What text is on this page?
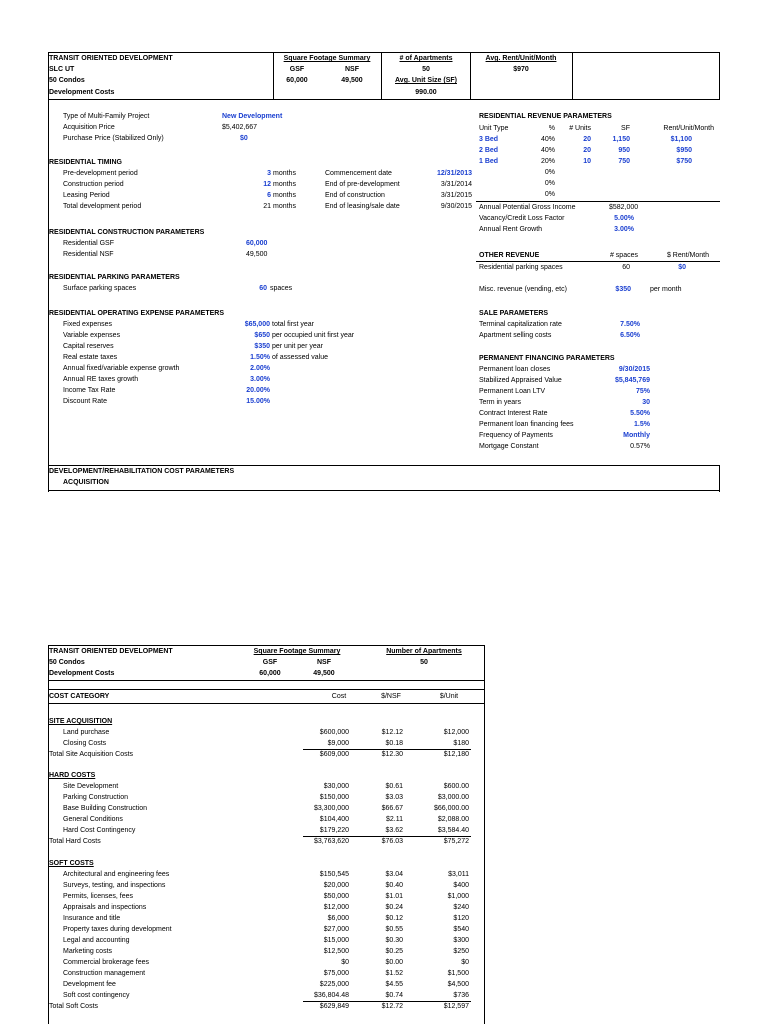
TRANSIT ORIENTED DEVELOPMENT
SLC UT
50 Condos
Development Costs
Square Footage Summary
GSF	NSF
60,000	49,500
# of Apartments
50
Avg. Unit Size (SF)
990.00
Avg. Rent/Unit/Month
$970
Type of Multi-Family Project	New Development
Acquisition Price	$5,402,667
Purchase Price (Stabilized Only)	$0
RESIDENTIAL TIMING
Pre-development period	3 months	Commencement date	12/31/2013
Construction period	12 months	End of pre-development	3/31/2014
Leasing Period	6 months	End of construction	3/31/2015
Total development period	21 months	End of leasing/sale date	9/30/2015
RESIDENTIAL CONSTRUCTION PARAMETERS
Residential GSF	60,000
Residential NSF	49,500
RESIDENTIAL PARKING PARAMETERS
Surface parking spaces	60 spaces
RESIDENTIAL OPERATING EXPENSE PARAMETERS
Fixed expenses	$65,000 total first year
Variable expenses	$650 per occupied unit first year
Capital reserves	$350 per unit per year
Real estate taxes	1.50% of assessed value
Annual fixed/variable expense growth	2.00%
Annual RE taxes growth	3.00%
Income Tax Rate	20.00%
Discount Rate	15.00%
RESIDENTIAL REVENUE PARAMETERS
Unit Type	%	# Units	SF	Rent/Unit/Month
3 Bed	40%	20	1,150	$1,100
2 Bed	40%	20	950	$950
1 Bed	20%	10	750	$750
0%
0%
0%
Annual Potential Gross Income	$582,000
Vacancy/Credit Loss Factor	5.00%
Annual Rent Growth	3.00%
OTHER REVENUE	# spaces	$ Rent/Month
Residential parking spaces	60	$0
Misc. revenue (vending, etc)	$350	per month
SALE PARAMETERS
Terminal capitalization rate	7.50%
Apartment selling costs	6.50%
PERMANENT FINANCING PARAMETERS
Permanent loan closes	9/30/2015
Stabilized Appraised Value	$5,845,769
Permanent Loan LTV	75%
Term in years	30
Contract Interest Rate	5.50%
Permanent loan financing fees	1.5%
Frequency of Payments	Monthly
Mortgage Constant	0.57%
DEVELOPMENT/REHABILITATION COST PARAMETERS
ACQUISITION
TRANSIT ORIENTED DEVELOPMENT
50 Condos
Development Costs
Square Footage Summary
GSF	NSF
60,000	49,500
Number of Apartments
50
COST CATEGORY	Cost	$/NSF	$/Unit
SITE ACQUISITION
Land purchase	$600,000	$12.12	$12,000
Closing Costs	$9,000	$0.18	$180
Total Site Acquisition Costs	$609,000	$12.30	$12,180
HARD COSTS
Site Development	$30,000	$0.61	$600.00
Parking Construction	$150,000	$3.03	$3,000.00
Base Building Construction	$3,300,000	$66.67	$66,000.00
General Conditions	$104,400	$2.11	$2,088.00
Hard Cost Contingency	$179,220	$3.62	$3,584.40
Total Hard Costs	$3,763,620	$76.03	$75,272
SOFT COSTS
Architectural and engineering fees	$150,545	$3.04	$3,011
Surveys, testing, and inspections	$20,000	$0.40	$400
Permits, licenses, fees	$50,000	$1.01	$1,000
Appraisals and inspections	$12,000	$0.24	$240
Insurance and title	$6,000	$0.12	$120
Property taxes during development	$27,000	$0.55	$540
Legal and accounting	$15,000	$0.30	$300
Marketing costs	$12,500	$0.25	$250
Commercial brokerage fees	$0	$0.00	$0
Construction management	$75,000	$1.52	$1,500
Development fee	$225,000	$4.55	$4,500
Soft cost contingency	$36,804.48	$0.74	$736
Total Soft Costs	$629,849	$12.72	$12,597
